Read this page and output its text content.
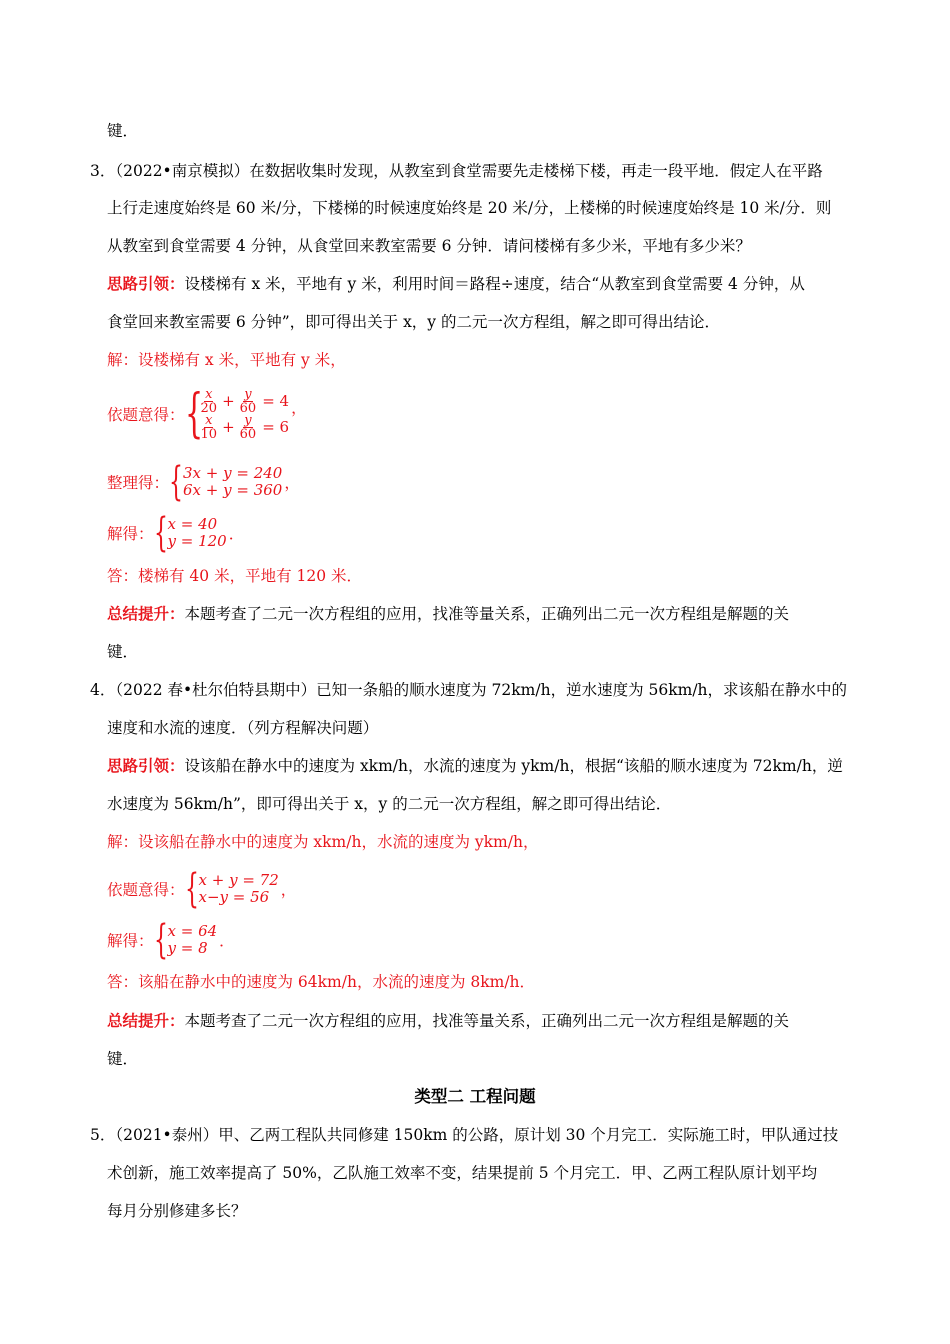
键．
3．（2022•南京模拟）在数据收集时发现，从教室到食堂需要先走楼梯下楼，再走一段平地．假定人在平路
上行走速度始终是 60 米/分，下楼梯的时候速度始终是 20 米/分，上楼梯的时候速度始终是 10 米/分．则
从教室到食堂需要 4 分钟，从食堂回来教室需要 6 分钟．请问楼梯有多少米，平地有多少米？
思路引领：设楼梯有 x 米，平地有 y 米，利用时间＝路程÷速度，结合“从教室到食堂需要 4 分钟，从
食堂回来教室需要 6 分钟”，即可得出关于 x，y 的二元一次方程组，解之即可得出结论．
解：设楼梯有 x 米，平地有 y 米，
依题意得： {
$\frac{x}{20} + \frac{y}{60} = 4$
$\frac{x}{10} + \frac{y}{60} = 6$
，
整理得： { 3x + y = 240
6x + y = 360 ，
解得： { x = 40
y = 120 ．
答：楼梯有 40 米，平地有 120 米．
总结提升：本题考查了二元一次方程组的应用，找准等量关系，正确列出二元一次方程组是解题的关
键．
4．（2022 春•杜尔伯特县期中）已知一条船的顺水速度为 72km/h，逆水速度为 56km/h，求该船在静水中的
速度和水流的速度．（列方程解决问题）
思路引领：设该船在静水中的速度为 xkm/h，水流的速度为 ykm/h，根据“该船的顺水速度为 72km/h，逆
水速度为 56km/h”，即可得出关于 x，y 的二元一次方程组，解之即可得出结论．
解：设该船在静水中的速度为 xkm/h，水流的速度为 ykm/h，
依题意得： { x + y = 72
x−y = 56 ，
解得： { x = 64
y = 8 ．
答：该船在静水中的速度为 64km/h，水流的速度为 8km/h．
总结提升：本题考查了二元一次方程组的应用，找准等量关系，正确列出二元一次方程组是解题的关
键．
类型二 工程问题
5．（2021•泰州）甲、乙两工程队共同修建 150km 的公路，原计划 30 个月完工．实际施工时，甲队通过技
术创新，施工效率提高了 50%，乙队施工效率不变，结果提前 5 个月完工．甲、乙两工程队原计划平均
每月分别修建多长？
